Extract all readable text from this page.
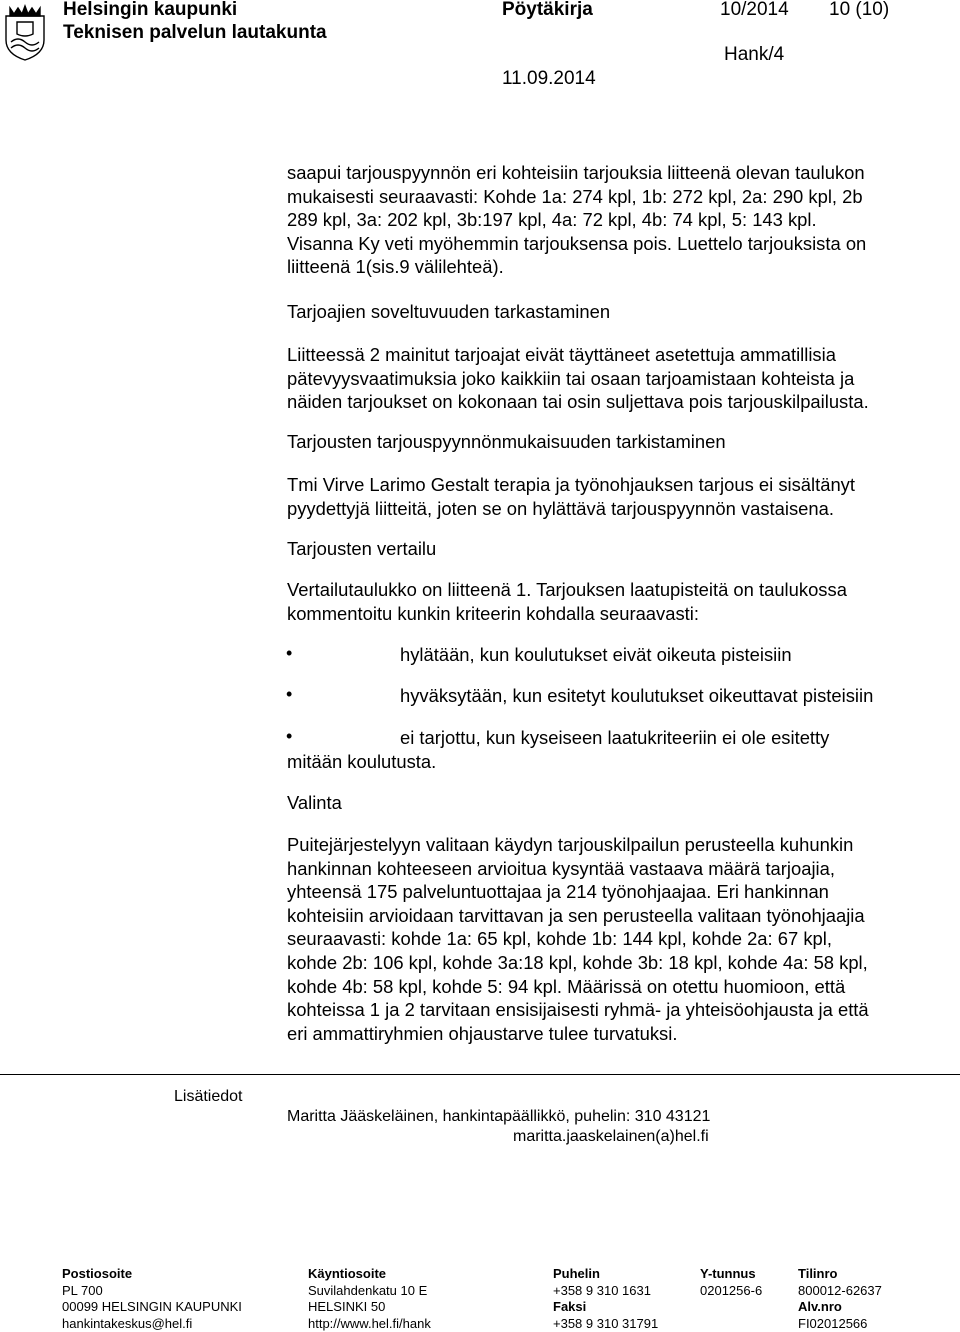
Helsingin kaupunki
Teknisen palvelun lautakunta
Pöytäkirja	10/2014 10 (10)
Hank/4
11.09.2014
saapui tarjouspyynnön eri kohteisiin tarjouksia liitteenä olevan taulukon
mukaisesti seuraavasti: Kohde 1a: 274 kpl, 1b: 272 kpl, 2a: 290 kpl, 2b
289 kpl, 3a: 202 kpl, 3b:197 kpl, 4a: 72 kpl, 4b: 74 kpl, 5: 143 kpl.
Visanna Ky veti myöhemmin tarjouksensa pois. Luettelo tarjouksista on
liitteenä 1(sis.9 välilehteä).
Tarjoajien soveltuvuuden tarkastaminen
Liitteessä 2 mainitut tarjoajat eivät täyttäneet asetettuja ammatillisia
pätevyysvaatimuksia joko kaikkiin tai osaan tarjoamistaan kohteista ja
näiden tarjoukset on kokonaan tai osin suljettava pois tarjouskilpailusta.
Tarjousten tarjouspyynnönmukaisuuden tarkistaminen
Tmi Virve Larimo Gestalt terapia ja työnohjauksen tarjous ei sisältänyt
pyydettyjä liitteitä, joten se on hylättävä tarjouspyynnön vastaisena.
Tarjousten vertailu
Vertailutaulukko on liitteenä 1. Tarjouksen laatupisteitä on taulukossa
kommentoitu kunkin kriteerin kohdalla seuraavasti:
•	hylätään, kun koulutukset eivät oikeuta pisteisiin
•	hyväksytään, kun esitetyt koulutukset oikeuttavat pisteisiin
•	ei tarjottu, kun kyseiseen laatukriteeriin ei ole esitetty
mitään koulutusta.
Valinta
Puitejärjestelyyn valitaan käydyn tarjouskilpailun perusteella kuhunkin
hankinnan kohteeseen arvioitua kysyntää vastaava määrä tarjoajia,
yhteensä 175 palveluntuottajaa ja 214 työnohjaajaa. Eri hankinnan
kohteisiin arvioidaan tarvittavan ja sen perusteella valitaan työnohjaajia
seuraavasti: kohde 1a: 65 kpl, kohde 1b: 144 kpl, kohde 2a: 67 kpl,
kohde 2b: 106 kpl, kohde 3a:18 kpl, kohde 3b: 18 kpl, kohde 4a: 58 kpl,
kohde 4b: 58 kpl, kohde 5: 94 kpl. Määrissä on otettu huomioon, että
kohteissa 1 ja 2 tarvitaan ensisijaisesti ryhmä- ja yhteisöohjausta ja että
eri ammattiryhmien ohjaustarve tulee turvatuksi.
Lisätiedot
Maritta Jääskeläinen, hankintapäällikkö, puhelin: 310 43121
maritta.jaaskelainen(a)hel.fi
Postiosoite
PL 700
00099 HELSINGIN KAUPUNKI
hankintakeskus@hel.fi
Käyntiosoite
Suvilahdenkatu 10 E
HELSINKI 50
http://www.hel.fi/hank
Puhelin
+358 9 310 1631
Faksi
+358 9 310 31791
Y-tunnus
0201256-6
Tilinro
800012-62637
Alv.nro
FI02012566
